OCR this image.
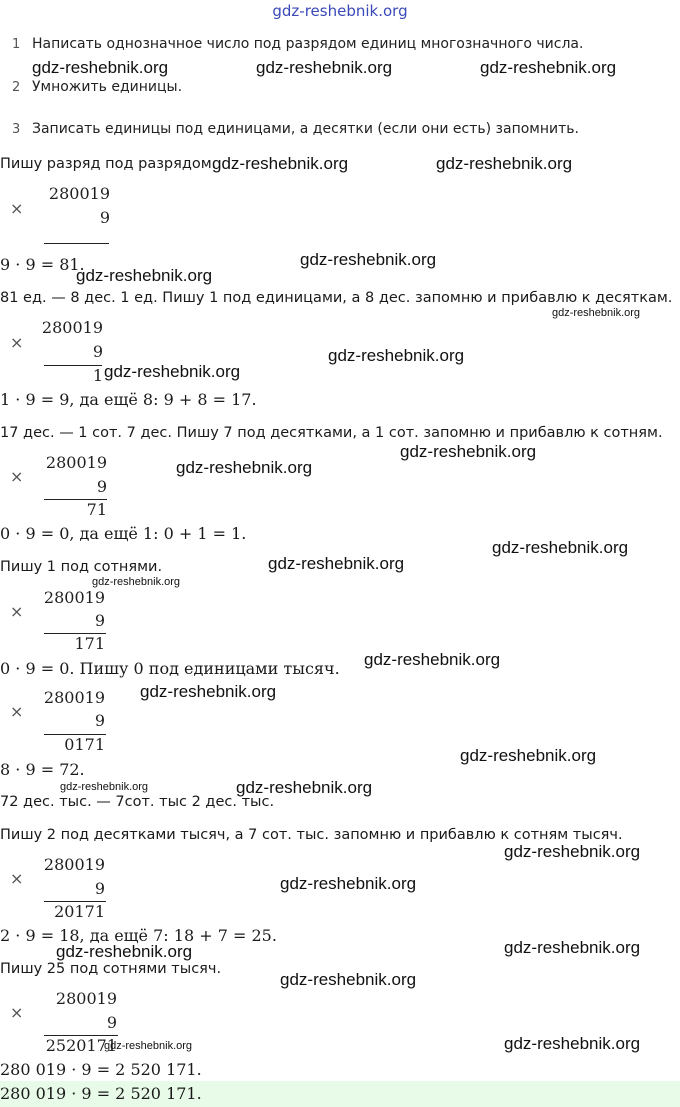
gdz-reshebnik.org
1 Написать однозначное число под разрядом единиц многозначного числа.
2 Умножить единицы.
3 Записать единицы под единицами, а десятки (если они есть) запомнить.
Пишу разряд под разрядом.
×
280019
9
9 · 9 = 81.
81 ед. — 8 дес. 1 ед. Пишу 1 под единицами, а 8 дес. запомню и прибавлю к десяткам.
×
280019
9
1
1 · 9 = 9, да ещё 8: 9 + 8 = 17.
17 дес. — 1 сот. 7 дес. Пишу 7 под десятками, а 1 сот. запомню и прибавлю к сотням.
×
280019
9
71
0 · 9 = 0, да ещё 1: 0 + 1 = 1.
Пишу 1 под сотнями.
×
280019
9
171
0 · 9 = 0. Пишу 0 под единицами тысяч.
×
280019
9
0171
8 · 9 = 72.
72 дес. тыс. — 7сот. тыс 2 дес. тыс.
Пишу 2 под десятками тысяч, а 7 сот. тыс. запомню и прибавлю к сотням тысяч.
×
280019
9
20171
2 · 9 = 18, да ещё 7: 18 + 7 = 25.
Пишу 25 под сотнями тысяч.
×
280019
9
2520171
280 019 · 9 = 2 520 171.
280 019 · 9 = 2 520 171.
gdz-reshebnik.org	gdz-reshebnik.org	gdz-reshebnik.org
gdz-reshebnik.org	gdz-reshebnik.org
gdz-reshebnik.org
gdz-reshebnik.org
gdz-reshebnik.org
gdz-reshebnik.org
gdz-reshebnik.org
gdz-reshebnik.org
gdz-reshebnik.org
gdz-reshebnik.org
gdz-reshebnik.org
gdz-reshebnik.org
gdz-reshebnik.org
gdz-reshebnik.org
gdz-reshebnik.org
gdz-reshebnik.org	gdz-reshebnik.org
gdz-reshebnik.org
gdz-reshebnik.org
gdz-reshebnik.org
gdz-reshebnik.org
gdz-reshebnik.org
gdz-reshebnik.org	gdz-reshebnik.org
